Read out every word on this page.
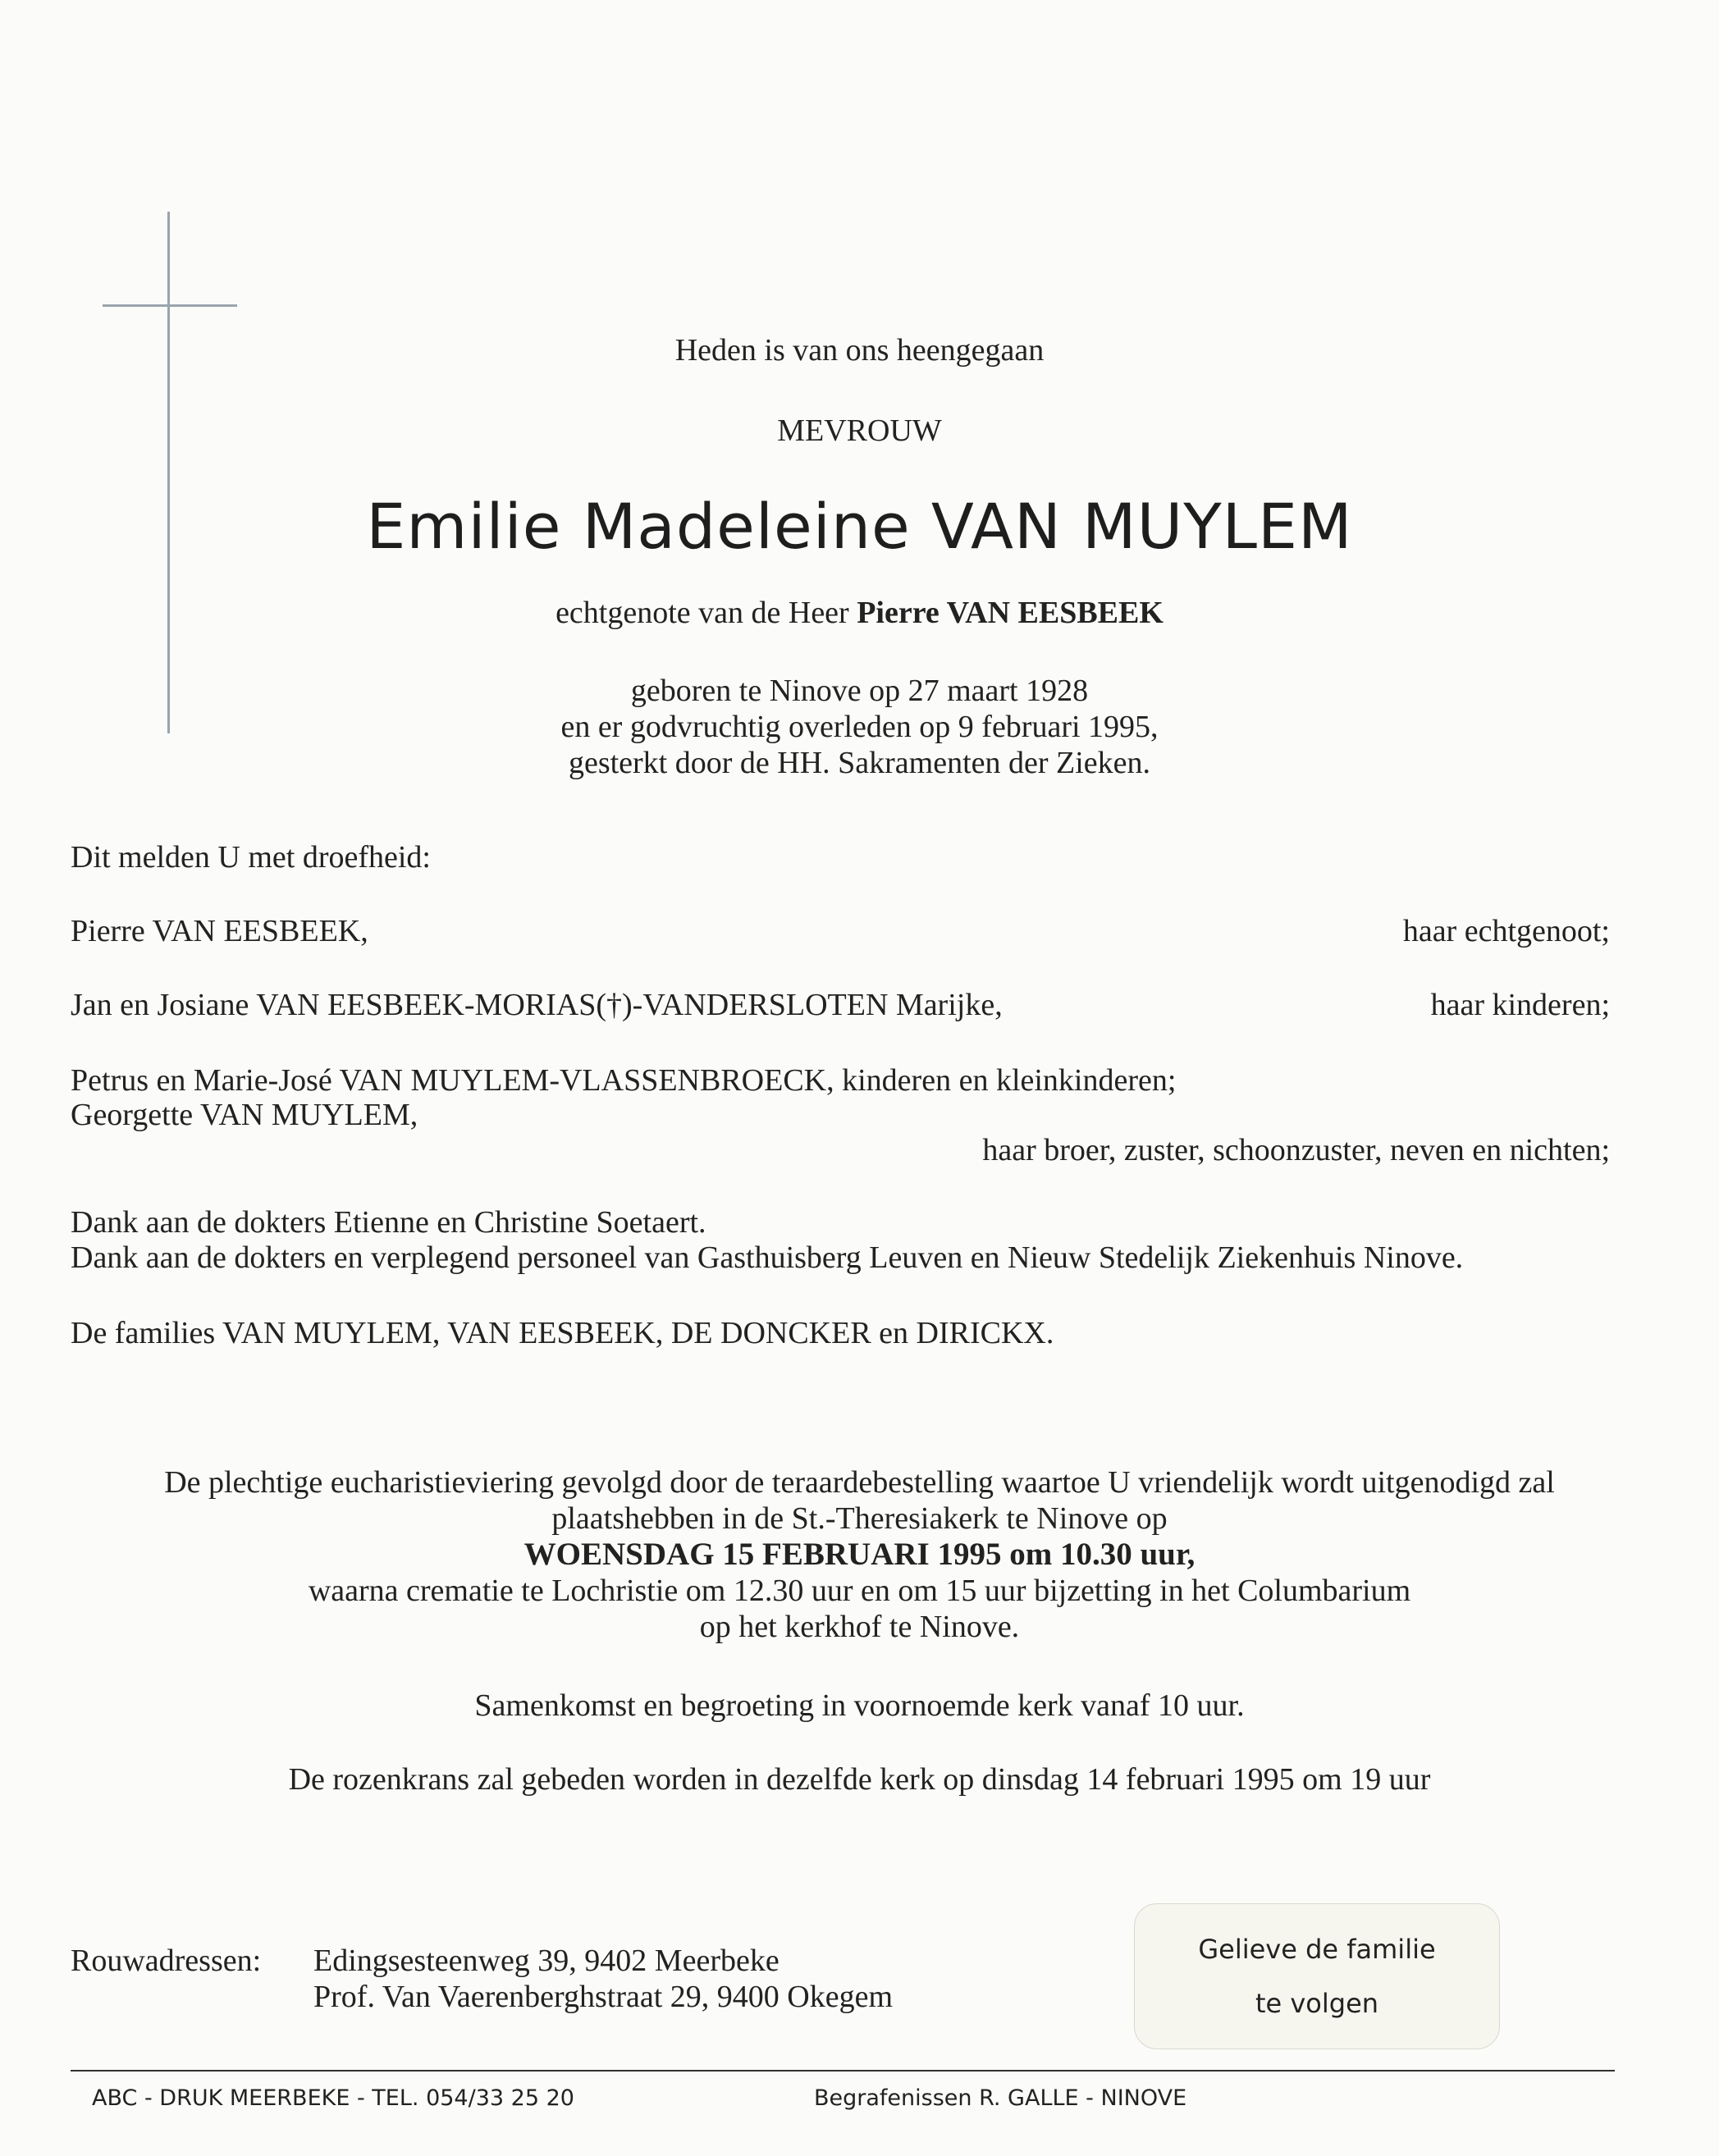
Heden is van ons heengegaan
MEVROUW
Emilie Madeleine VAN MUYLEM
echtgenote van de Heer Pierre VAN EESBEEK
geboren te Ninove op 27 maart 1928
en er godvruchtig overleden op 9 februari 1995,
gesterkt door de HH. Sakramenten der Zieken.
Dit melden U met droefheid:
Pierre VAN EESBEEK,	haar echtgenoot;
Jan en Josiane VAN EESBEEK-MORIAS(†)-VANDERSLOTEN Marijke,	haar kinderen;
Petrus en Marie-José VAN MUYLEM-VLASSENBROECK, kinderen en kleinkinderen;
Georgette VAN MUYLEM,
haar broer, zuster, schoonzuster, neven en nichten;
Dank aan de dokters Etienne en Christine Soetaert.
Dank aan de dokters en verplegend personeel van Gasthuisberg Leuven en Nieuw Stedelijk Ziekenhuis Ninove.
De families VAN MUYLEM, VAN EESBEEK, DE DONCKER en DIRICKX.
De plechtige eucharistieviering gevolgd door de teraardebestelling waartoe U vriendelijk wordt uitgenodigd zal
plaatshebben in de St.-Theresiakerk te Ninove op
WOENSDAG 15 FEBRUARI 1995 om 10.30 uur,
waarna crematie te Lochristie om 12.30 uur en om 15 uur bijzetting in het Columbarium
op het kerkhof te Ninove.
Samenkomst en begroeting in voornoemde kerk vanaf 10 uur.
De rozenkrans zal gebeden worden in dezelfde kerk op dinsdag 14 februari 1995 om 19 uur
Rouwadressen: Edingsesteenweg 39, 9402 Meerbeke
Prof. Van Vaerenberghstraat 29, 9400 Okegem
Gelieve de familie
te volgen
ABC - DRUK MEERBEKE - TEL. 054/33 25 20	Begrafenissen R. GALLE - NINOVE
